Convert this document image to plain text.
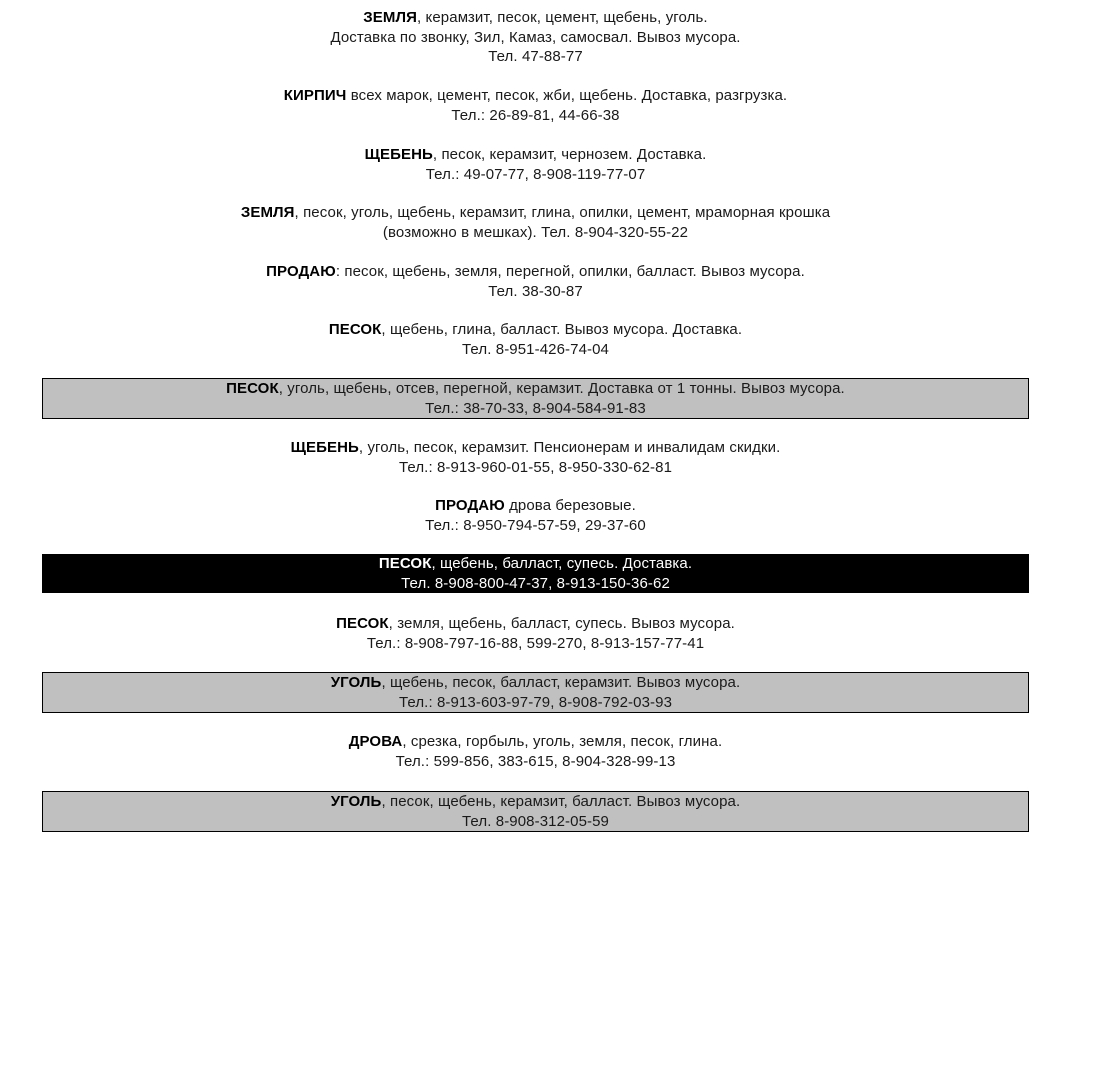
ЗЕМЛЯ, керамзит, песок, цемент, щебень, уголь.
Доставка по звонку, Зил, Камаз, самосвал. Вывоз мусора.
Тел. 47-88-77
КИРПИЧ всех марок, цемент, песок, жби, щебень. Доставка, разгрузка.
Тел.: 26-89-81, 44-66-38
ЩЕБЕНЬ, песок, керамзит, чернозем. Доставка.
Тел.: 49-07-77, 8-908-119-77-07
ЗЕМЛЯ, песок, уголь, щебень, керамзит, глина, опилки, цемент, мраморная крошка
(возможно в мешках). Тел. 8-904-320-55-22
ПРОДАЮ: песок, щебень, земля, перегной, опилки, балласт. Вывоз мусора.
Тел. 38-30-87
ПЕСОК, щебень, глина, балласт. Вывоз мусора. Доставка.
Тел. 8-951-426-74-04
ПЕСОК, уголь, щебень, отсев, перегной, керамзит. Доставка от 1 тонны. Вывоз мусора.
Тел.: 38-70-33, 8-904-584-91-83
ЩЕБЕНЬ, уголь, песок, керамзит. Пенсионерам и инвалидам скидки.
Тел.: 8-913-960-01-55, 8-950-330-62-81
ПРОДАЮ дрова березовые.
Тел.: 8-950-794-57-59, 29-37-60
ПЕСОК, щебень, балласт, супесь. Доставка.
Тел. 8-908-800-47-37, 8-913-150-36-62
ПЕСОК, земля, щебень, балласт, супесь. Вывоз мусора.
Тел.: 8-908-797-16-88, 599-270, 8-913-157-77-41
УГОЛЬ, щебень, песок, балласт, керамзит. Вывоз мусора.
Тел.: 8-913-603-97-79, 8-908-792-03-93
ДРОВА, срезка, горбыль, уголь, земля, песок, глина.
Тел.: 599-856, 383-615, 8-904-328-99-13
УГОЛЬ, песок, щебень, керамзит, балласт. Вывоз мусора.
Тел. 8-908-312-05-59
